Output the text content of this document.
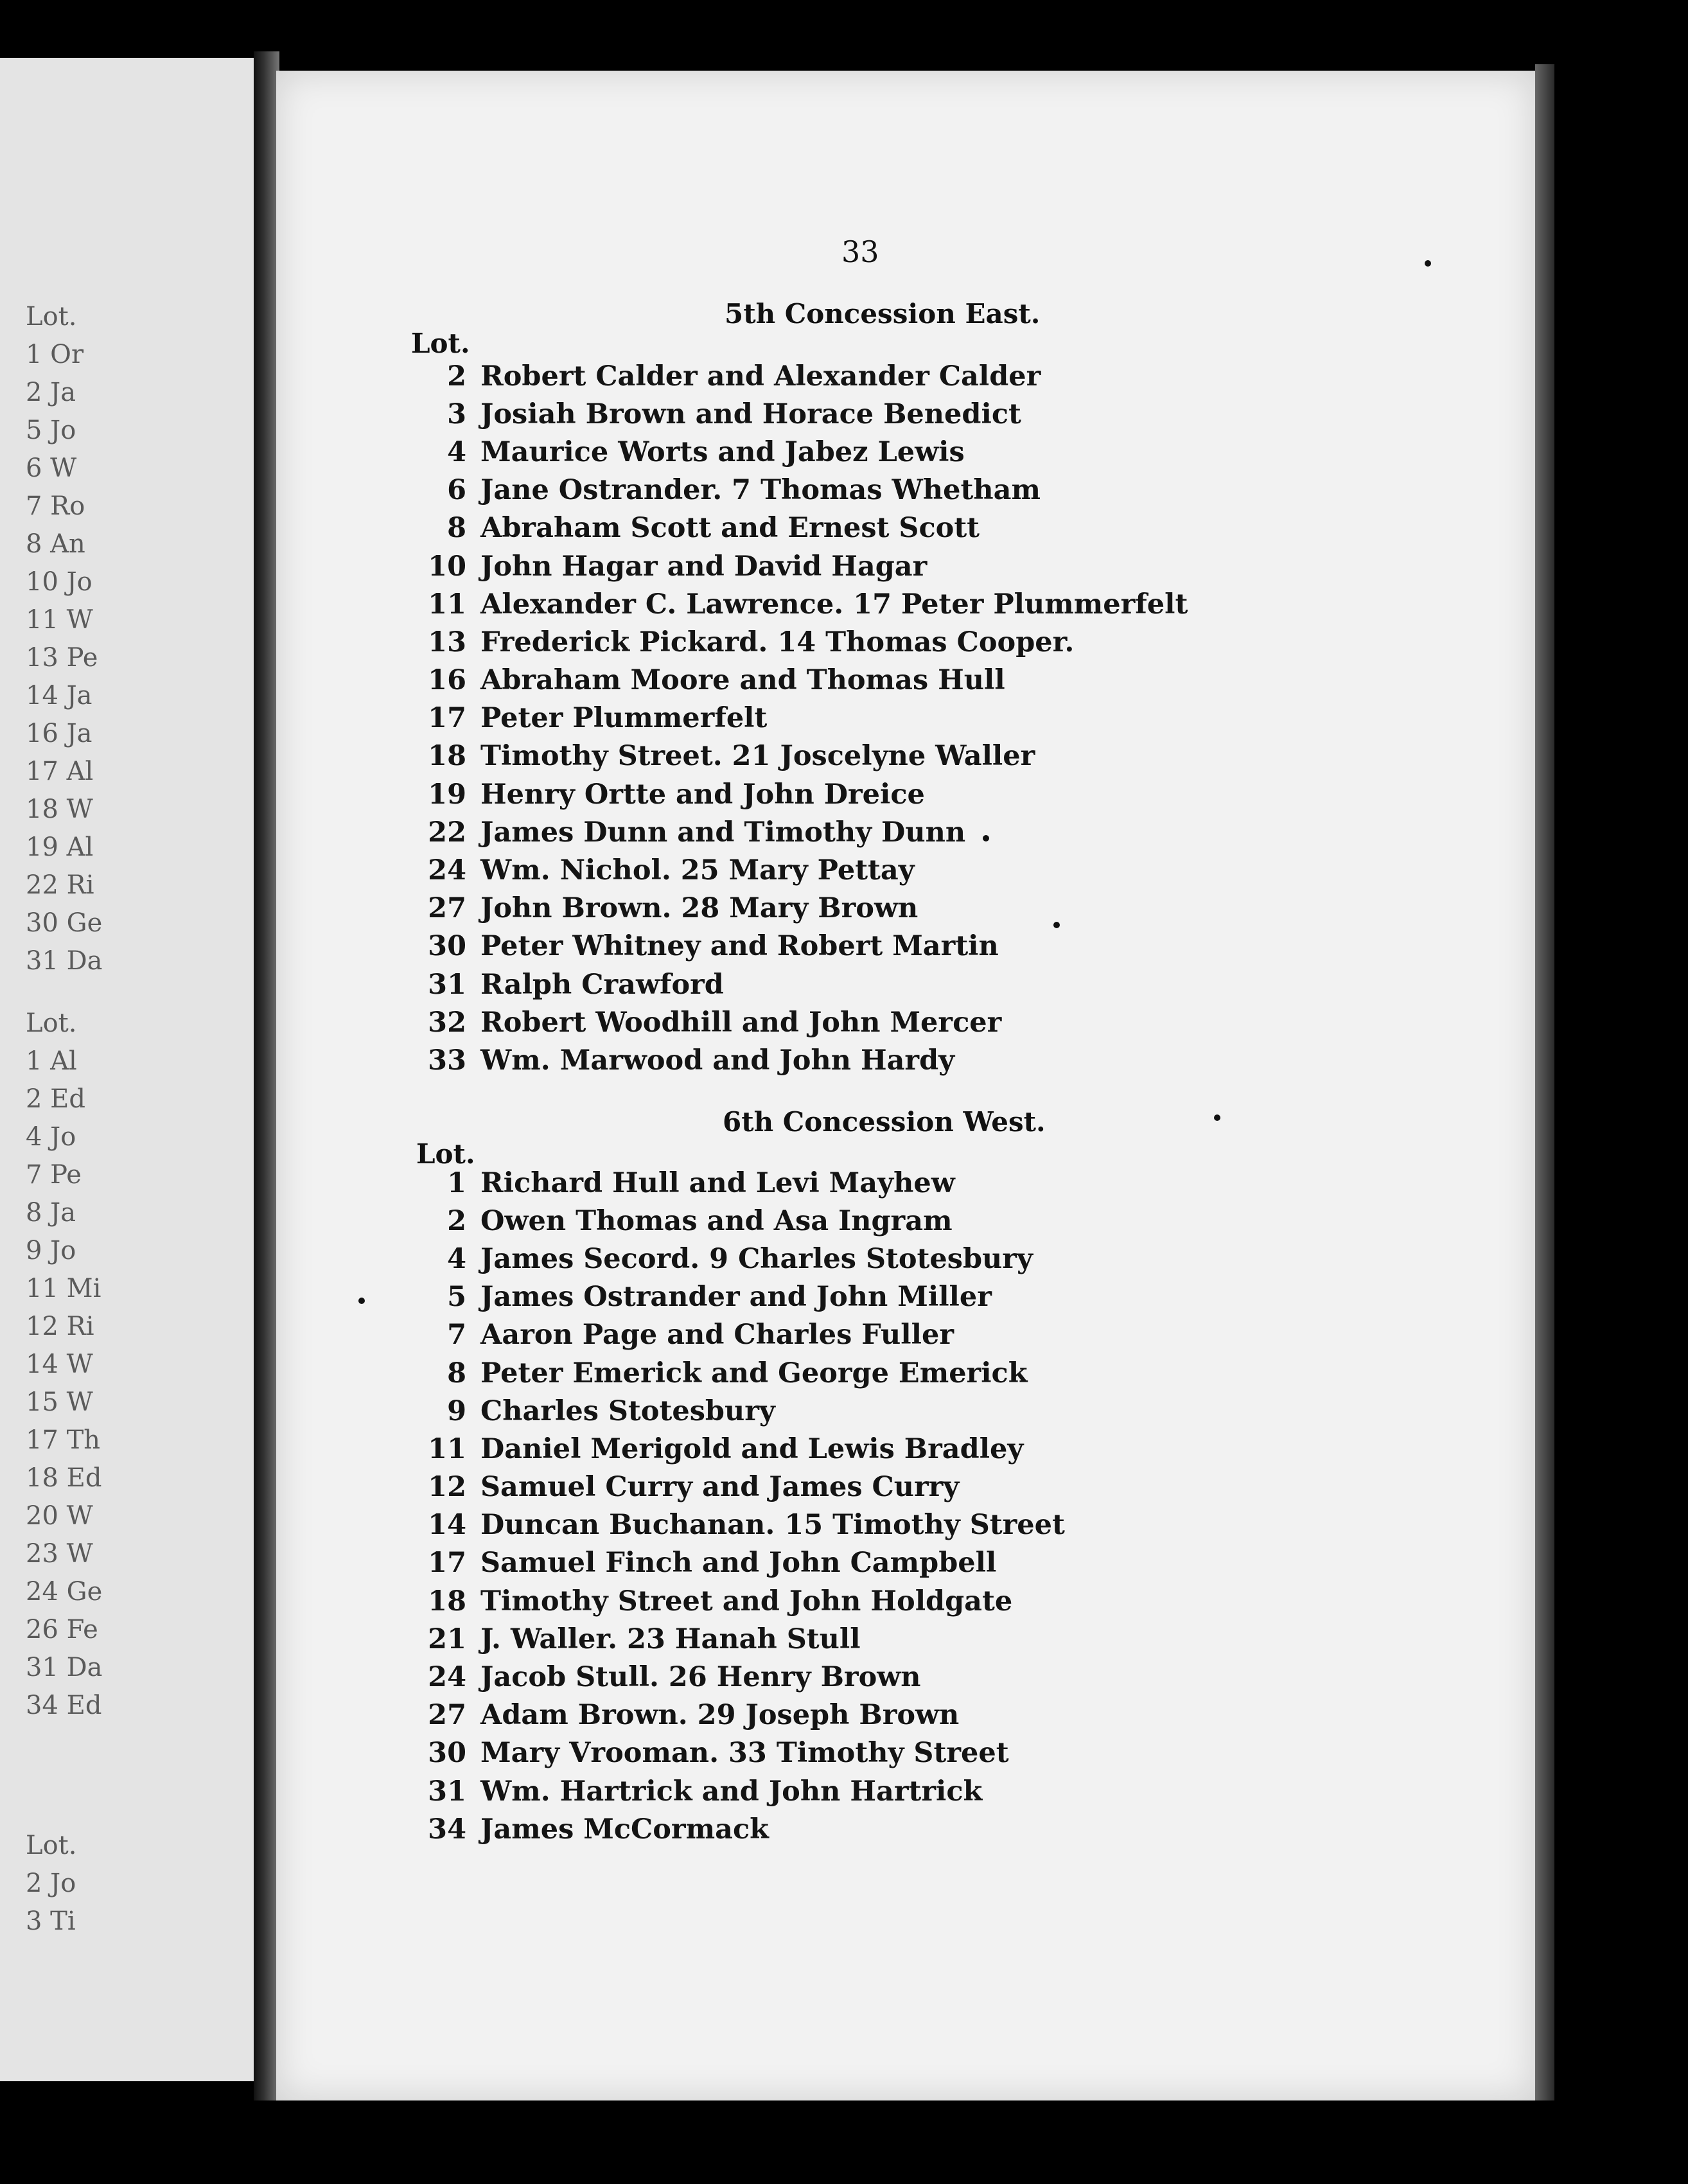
Lot.
1 Or
2 Ja
5 Jo
6 W
7 Ro
8 An
10 Jo
11 W
13 Pe
14 Ja
16 Ja
17 Al
18 W
19 Al
22 Ri
30 Ge
31 Da
Lot.
1 Al
2 Ed
4 Jo
7 Pe
8 Ja
9 Jo
11 Mi
12 Ri
14 W
15 W
17 Th
18 Ed
20 W
23 W
24 Ge
26 Fe
31 Da
34 Ed
Lot.
2 Jo
3 Ti
33
5th Concession East.
Lot.
2 Robert Calder and Alexander Calder
3 Josiah Brown and Horace Benedict
4 Maurice Worts and Jabez Lewis
6 Jane Ostrander. 7 Thomas Whetham
8 Abraham Scott and Ernest Scott
10 John Hagar and David Hagar
11 Alexander C. Lawrence. 17 Peter Plummerfelt
13 Frederick Pickard. 14 Thomas Cooper.
16 Abraham Moore and Thomas Hull
17 Peter Plummerfelt
18 Timothy Street. 21 Joscelyne Waller
19 Henry Ortte and John Dreice
22 James Dunn and Timothy Dunn
24 Wm. Nichol. 25 Mary Pettay
27 John Brown. 28 Mary Brown
30 Peter Whitney and Robert Martin
31 Ralph Crawford
32 Robert Woodhill and John Mercer
33 Wm. Marwood and John Hardy
6th Concession West.
Lot.
1 Richard Hull and Levi Mayhew
2 Owen Thomas and Asa Ingram
4 James Secord. 9 Charles Stotesbury
5 James Ostrander and John Miller
7 Aaron Page and Charles Fuller
8 Peter Emerick and George Emerick
9 Charles Stotesbury
11 Daniel Merigold and Lewis Bradley
12 Samuel Curry and James Curry
14 Duncan Buchanan. 15 Timothy Street
17 Samuel Finch and John Campbell
18 Timothy Street and John Holdgate
21 J. Waller. 23 Hanah Stull
24 Jacob Stull. 26 Henry Brown
27 Adam Brown. 29 Joseph Brown
30 Mary Vrooman. 33 Timothy Street
31 Wm. Hartrick and John Hartrick
34 James McCormack
